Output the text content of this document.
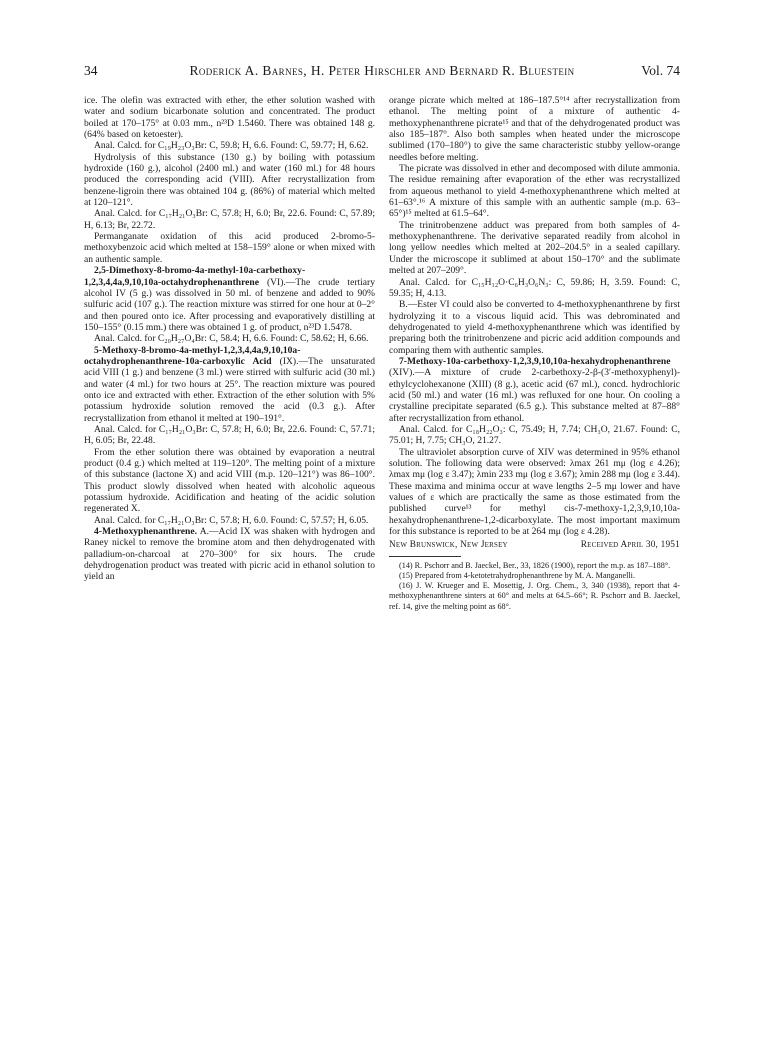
34	Roderick A. Barnes, H. Peter Hirschler and Bernard R. Bluestein	Vol. 74

ice. The olefin was extracted with ether, the ether solution washed with water and sodium bicarbonate solution and concentrated. The product boiled at 170–175° at 0.03 mm., n²³D 1.5460. There was obtained 148 g. (64% based on ketoester).

Anal. Calcd. for C₁₉H₂₃O₃Br: C, 59.8; H, 6.6. Found: C, 59.77; H, 6.62.

Hydrolysis of this substance (130 g.) by boiling with potassium hydroxide (160 g.), alcohol (2400 ml.) and water (160 ml.) for 48 hours produced the corresponding acid (VIII). After recrystallization from benzene-ligroin there was obtained 104 g. (86%) of material which melted at 120–121°.

Anal. Calcd. for C₁₇H₂₁O₃Br: C, 57.8; H, 6.0; Br, 22.6. Found: C, 57.89; H, 6.13; Br, 22.72.

Permanganate oxidation of this acid produced 2-bromo-5-methoxybenzoic acid which melted at 158–159° alone or when mixed with an authentic sample.

2,5-Dimethoxy-8-bromo-4a-methyl-10a-carbethoxy-1,2,3,4,4a,9,10,10a-octahydrophenanthrene (VI).—The crude tertiary alcohol IV (5 g.) was dissolved in 50 ml. of benzene and added to 90% sulfuric acid (107 g.). The reaction mixture was stirred for one hour at 0–2° and then poured onto ice. After processing and evaporatively distilling at 150–155° (0.15 mm.) there was obtained 1 g. of product, n²³D 1.5478.

Anal. Calcd. for C₂₀H₂₇O₄Br: C, 58.4; H, 6.6. Found: C, 58.62; H, 6.66.

5-Methoxy-8-bromo-4a-methyl-1,2,3,4,4a,9,10,10a-octahydrophenanthrene-10a-carboxylic Acid (IX).—The unsaturated acid VIII (1 g.) and benzene (3 ml.) were stirred with sulfuric acid (30 ml.) and water (4 ml.) for two hours at 25°. The reaction mixture was poured onto ice and extracted with ether. Extraction of the ether solution with 5% potassium hydroxide solution removed the acid (0.3 g.). After recrystallization from ethanol it melted at 190–191°.

Anal. Calcd. for C₁₇H₂₁O₃Br: C, 57.8; H, 6.0; Br, 22.6. Found: C, 57.71; H, 6.05; Br, 22.48.

From the ether solution there was obtained by evaporation a neutral product (0.4 g.) which melted at 119–120°. The melting point of a mixture of this substance (lactone X) and acid VIII (m.p. 120–121°) was 86–100°. This product slowly dissolved when heated with alcoholic aqueous potassium hydroxide. Acidification and heating of the acidic solution regenerated X.

Anal. Calcd. for C₁₇H₂₁O₃Br: C, 57.8; H, 6.0. Found: C, 57.57; H, 6.05.

4-Methoxyphenanthrene. A.—Acid IX was shaken with hydrogen and Raney nickel to remove the bromine atom and then dehydrogenated with palladium-on-charcoal at 270–300° for six hours. The crude dehydrogenation product was treated with picric acid in ethanol solution to yield an

orange picrate which melted at 186–187.5°¹⁴ after recrystallization from ethanol. The melting point of a mixture of authentic 4-methoxyphenanthrene picrate¹⁵ and that of the dehydrogenated product was also 185–187°. Also both samples when heated under the microscope sublimed (170–180°) to give the same characteristic stubby yellow-orange needles before melting.

The picrate was dissolved in ether and decomposed with dilute ammonia. The residue remaining after evaporation of the ether was recrystallized from aqueous methanol to yield 4-methoxyphenanthrene which melted at 61–63°.¹⁶ A mixture of this sample with an authentic sample (m.p. 63–65°)¹⁵ melted at 61.5–64°.

The trinitrobenzene adduct was prepared from both samples of 4-methoxyphenanthrene. The derivative separated readily from alcohol in long yellow needles which melted at 202–204.5° in a sealed capillary. Under the microscope it sublimed at about 150–170° and the sublimate melted at 207–209°.

Anal. Calcd. for C₁₅H₁₂O·C₆H₃O₆N₃: C, 59.86; H, 3.59. Found: C, 59.35; H, 4.13.

B.—Ester VI could also be converted to 4-methoxyphenanthrene by first hydrolyzing it to a viscous liquid acid. This was debrominated and dehydrogenated to yield 4-methoxyphenanthrene which was identified by preparing both the trinitrobenzene and picric acid addition compounds and comparing them with authentic samples.

7-Methoxy-10a-carbethoxy-1,2,3,9,10,10a-hexahydrophenanthrene (XIV).—A mixture of crude 2-carbethoxy-2-β-(3′-methoxyphenyl)-ethylcyclohexanone (XIII) (8 g.), acetic acid (67 ml.), concd. hydrochloric acid (50 ml.) and water (16 ml.) was refluxed for one hour. On cooling a crystalline precipitate separated (6.5 g.). This substance melted at 87–88° after recrystallization from ethanol.

Anal. Calcd. for C₁₈H₂₂O₃: C, 75.49; H, 7.74; CH₃O, 21.67. Found: C, 75.01; H, 7.75; CH₃O, 21.27.

The ultraviolet absorption curve of XIV was determined in 95% ethanol solution. The following data were observed: λmax 261 mμ (log ε 4.26); λmax mμ (log ε 3.47); λmin 233 mμ (log ε 3.67); λmin 288 mμ (log ε 3.44). These maxima and minima occur at wave lengths 2–5 mμ lower and have values of ε which are practically the same as those estimated from the published curve¹³ for methyl cis-7-methoxy-1,2,3,9,10,10a-hexahydrophenanthrene-1,2-dicarboxylate. The most important maximum for this substance is reported to be at 264 mμ (log ε 4.28).

New Brunswick, New Jersey	Received April 30, 1951

(14) R. Pschorr and B. Jaeckel, Ber., 33, 1826 (1900), report the m.p. as 187–188°.

(15) Prepared from 4-ketotetrahydrophenanthrene by M. A. Manganelli.

(16) J. W. Krueger and E. Mosettig, J. Org. Chem., 3, 340 (1938), report that 4-methoxyphenanthrene sinters at 60° and melts at 64.5–66°; R. Pschorr and B. Jaeckel, ref. 14, give the melting point as 68°.
